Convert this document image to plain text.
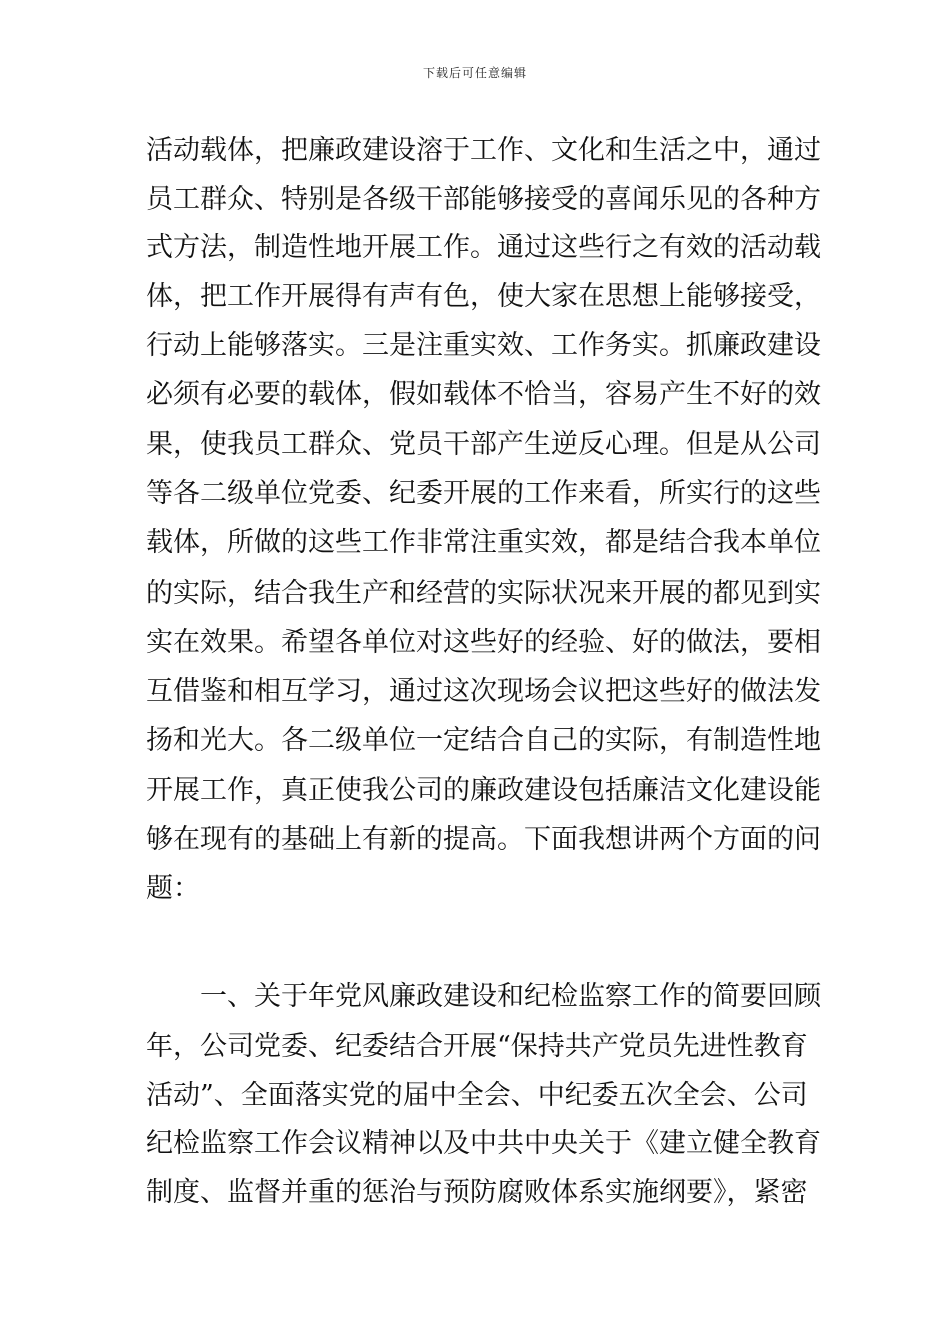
下载后可任意编辑
活动载体，把廉政建设溶于工作、文化和生活之中，通过
员工群众、特别是各级干部能够接受的喜闻乐见的各种方
式方法，制造性地开展工作。通过这些行之有效的活动载
体，把工作开展得有声有色，使大家在思想上能够接受，
行动上能够落实。三是注重实效、工作务实。抓廉政建设
必须有必要的载体，假如载体不恰当，容易产生不好的效
果，使我员工群众、党员干部产生逆反心理。但是从公司
等各二级单位党委、纪委开展的工作来看，所实行的这些
载体，所做的这些工作非常注重实效，都是结合我本单位
的实际，结合我生产和经营的实际状况来开展的都见到实
实在效果。希望各单位对这些好的经验、好的做法，要相
互借鉴和相互学习，通过这次现场会议把这些好的做法发
扬和光大。各二级单位一定结合自己的实际，有制造性地
开展工作，真正使我公司的廉政建设包括廉洁文化建设能
够在现有的基础上有新的提高。下面我想讲两个方面的问
题：
一、关于年党风廉政建设和纪检监察工作的简要回顾
年，公司党委、纪委结合开展“保持共产党员先进性教育
活动”、全面落实党的届中全会、中纪委五次全会、公司
纪检监察工作会议精神以及中共中央关于《建立健全教育
制度、监督并重的惩治与预防腐败体系实施纲要》，紧密
